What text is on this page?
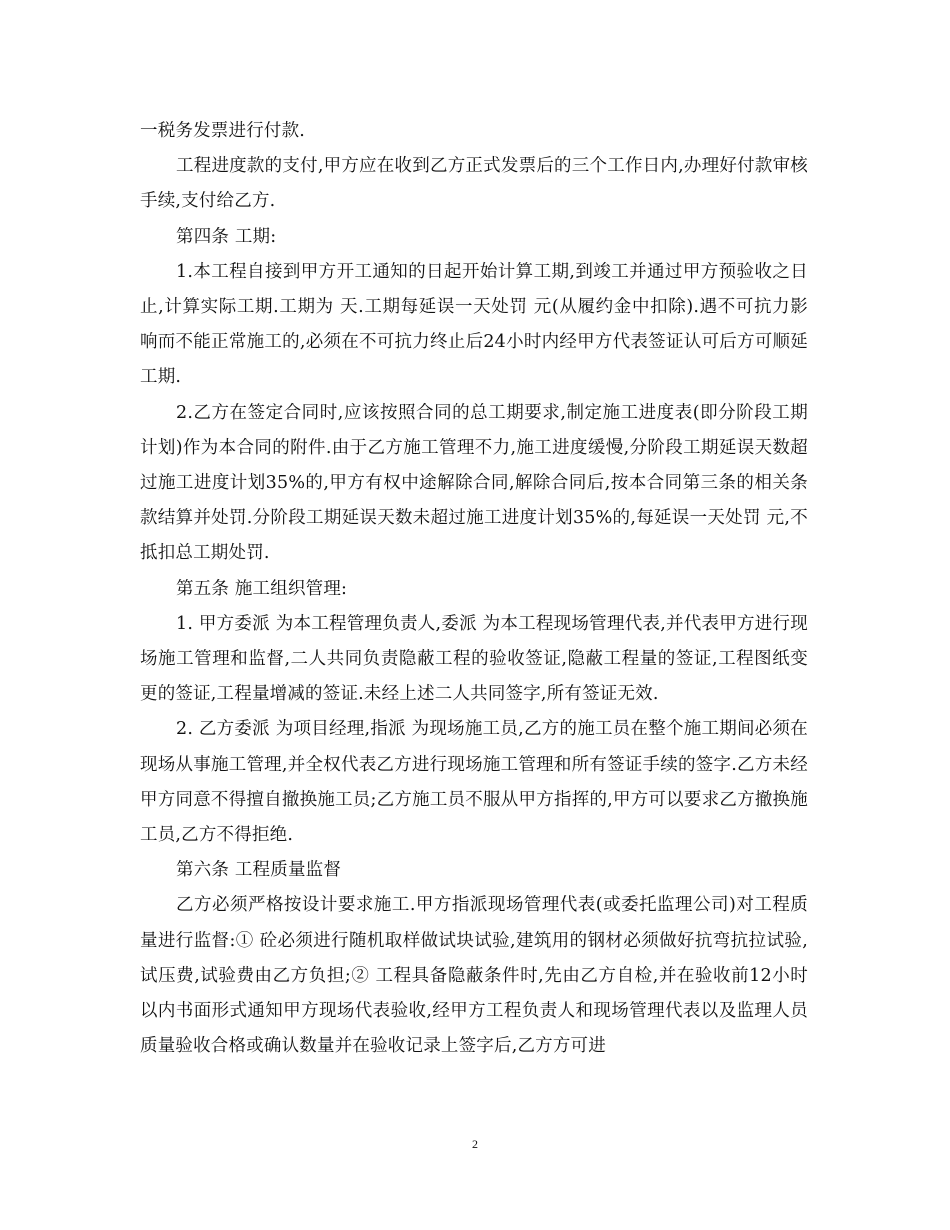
一税务发票进行付款.

工程进度款的支付,甲方应在收到乙方正式发票后的三个工作日内,办理好付款审核手续,支付给乙方.

第四条 工期:

1.本工程自接到甲方开工通知的日起开始计算工期,到竣工并通过甲方预验收之日止,计算实际工期.工期为 天.工期每延误一天处罚 元(从履约金中扣除).遇不可抗力影响而不能正常施工的,必须在不可抗力终止后24小时内经甲方代表签证认可后方可顺延工期.

2.乙方在签定合同时,应该按照合同的总工期要求,制定施工进度表(即分阶段工期计划)作为本合同的附件.由于乙方施工管理不力,施工进度缓慢,分阶段工期延误天数超过施工进度计划35%的,甲方有权中途解除合同,解除合同后,按本合同第三条的相关条款结算并处罚.分阶段工期延误天数未超过施工进度计划35%的,每延误一天处罚 元,不抵扣总工期处罚.

第五条 施工组织管理:

1. 甲方委派 为本工程管理负责人,委派 为本工程现场管理代表,并代表甲方进行现场施工管理和监督,二人共同负责隐蔽工程的验收签证,隐蔽工程量的签证,工程图纸变更的签证,工程量增减的签证.未经上述二人共同签字,所有签证无效.

2. 乙方委派 为项目经理,指派 为现场施工员,乙方的施工员在整个施工期间必须在现场从事施工管理,并全权代表乙方进行现场施工管理和所有签证手续的签字.乙方未经甲方同意不得擅自撤换施工员;乙方施工员不服从甲方指挥的,甲方可以要求乙方撤换施工员,乙方不得拒绝.

第六条 工程质量监督

乙方必须严格按设计要求施工.甲方指派现场管理代表(或委托监理公司)对工程质量进行监督:① 砼必须进行随机取样做试块试验,建筑用的钢材必须做好抗弯抗拉试验,试压费,试验费由乙方负担;② 工程具备隐蔽条件时,先由乙方自检,并在验收前12小时以内书面形式通知甲方现场代表验收,经甲方工程负责人和现场管理代表以及监理人员质量验收合格或确认数量并在验收记录上签字后,乙方方可进

2
